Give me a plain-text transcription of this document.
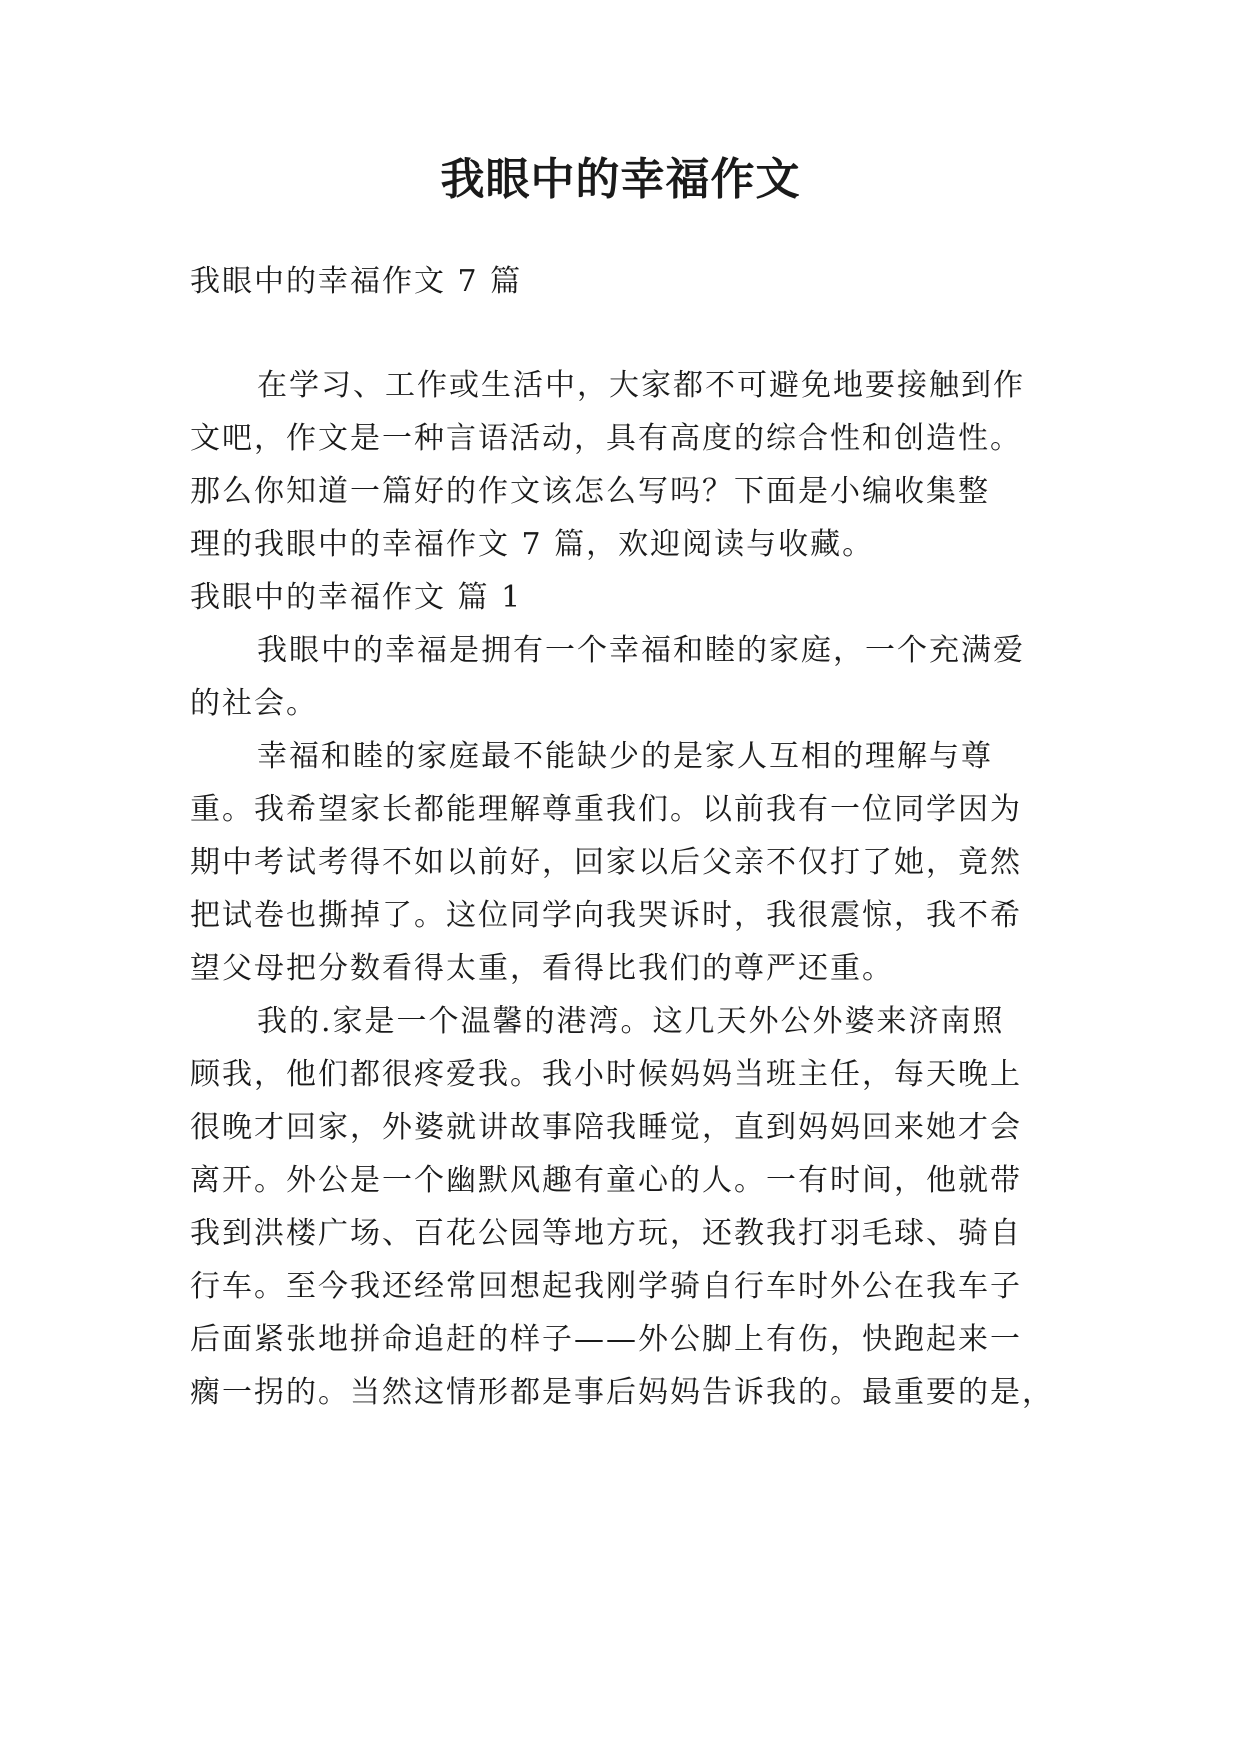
我眼中的幸福作文
我眼中的幸福作文 7 篇
在学习、工作或生活中，大家都不可避免地要接触到作
文吧，作文是一种言语活动，具有高度的综合性和创造性。
那么你知道一篇好的作文该怎么写吗？下面是小编收集整
理的我眼中的幸福作文 7 篇，欢迎阅读与收藏。
我眼中的幸福作文 篇 1
我眼中的幸福是拥有一个幸福和睦的家庭，一个充满爱
的社会。
幸福和睦的家庭最不能缺少的是家人互相的理解与尊
重。我希望家长都能理解尊重我们。以前我有一位同学因为
期中考试考得不如以前好，回家以后父亲不仅打了她，竟然
把试卷也撕掉了。这位同学向我哭诉时，我很震惊，我不希
望父母把分数看得太重，看得比我们的尊严还重。
我的.家是一个温馨的港湾。这几天外公外婆来济南照
顾我，他们都很疼爱我。我小时候妈妈当班主任，每天晚上
很晚才回家，外婆就讲故事陪我睡觉，直到妈妈回来她才会
离开。外公是一个幽默风趣有童心的人。一有时间，他就带
我到洪楼广场、百花公园等地方玩，还教我打羽毛球、骑自
行车。至今我还经常回想起我刚学骑自行车时外公在我车子
后面紧张地拼命追赶的样子——外公脚上有伤，快跑起来一
瘸一拐的。当然这情形都是事后妈妈告诉我的。最重要的是，
